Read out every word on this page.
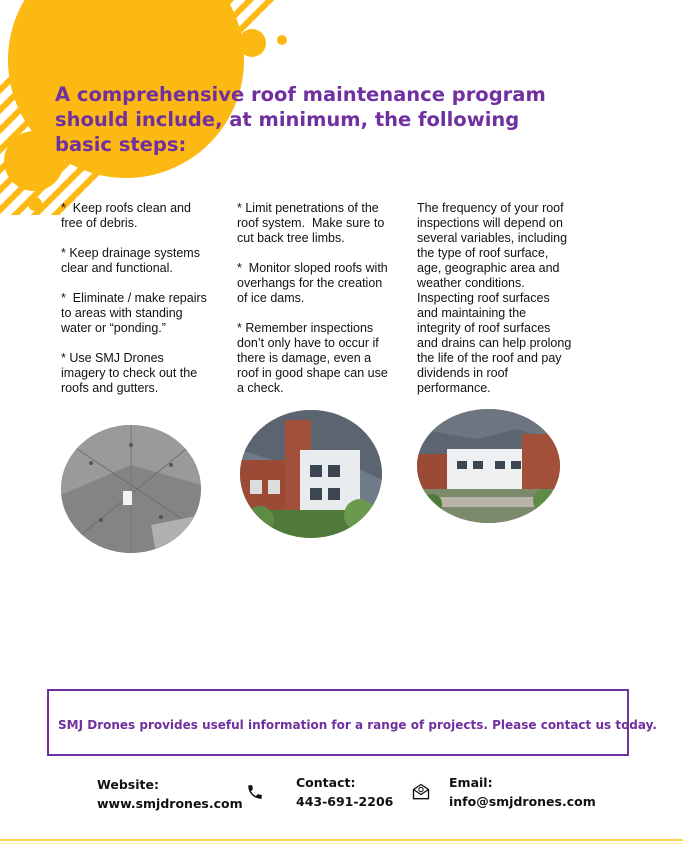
A comprehensive roof maintenance program should include, at minimum, the following basic steps:

*  Keep roofs clean and free of debris.

* Keep drainage systems clear and functional.

*  Eliminate / make repairs to areas with standing water or “ponding.”

* Use SMJ Drones imagery to check out the roofs and gutters.

* Limit penetrations of the roof system.  Make sure to cut back tree limbs.

*  Monitor sloped roofs with overhangs for the creation of ice dams.

* Remember inspections don’t only have to occur if there is damage, even a roof in good shape can use a check.

The frequency of your roof inspections will depend on several variables, including the type of roof surface, age, geographic area and weather conditions. Inspecting roof surfaces and maintaining the integrity of roof surfaces and drains can help prolong the life of the roof and pay dividends in roof performance.

SMJ Drones provides useful information for a range of projects. Please contact us today.
Website:
www.smjdrones.com
Contact:
443-691-2206
Email:
info@smjdrones.com
